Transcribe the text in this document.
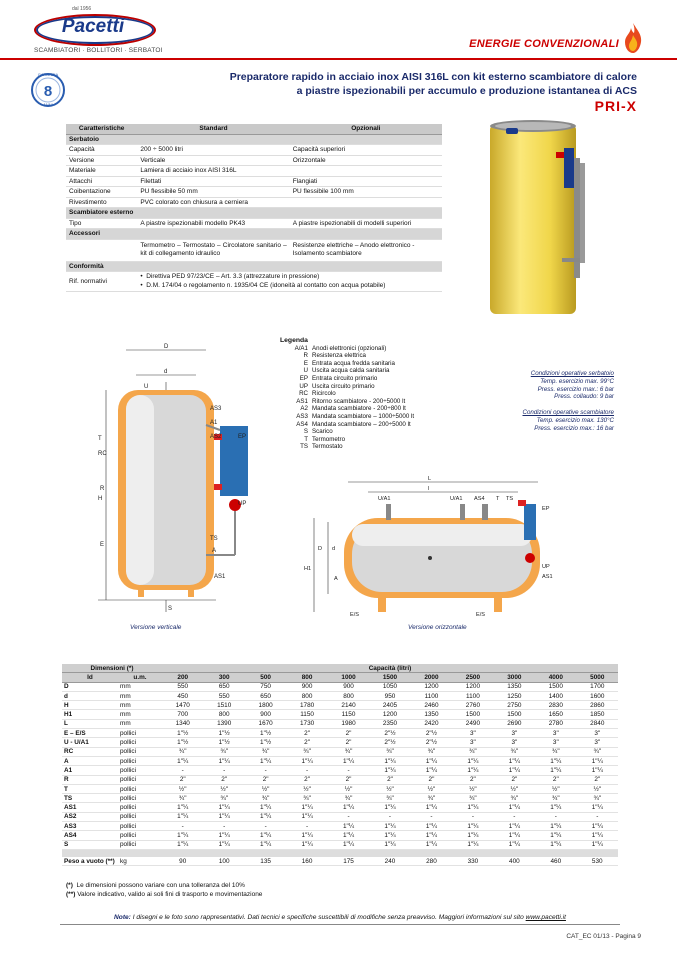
dal 1956
Pacetti
SCAMBIATORI · BOLLITORI · SERBATOI
ENERGIE CONVENZIONALI
GARANZIA
8
ANNI
Preparatore rapido in acciaio inox AISI 316L con kit esterno scambiatore di calore
a piastre ispezionabili per accumulo e produzione istantanea di ACS
PRI-X
Caratteristiche	Standard	Opzionali
Serbatoio		
Capacità	200 ÷ 5000 litri	Capacità superiori
Versione	Verticale	Orizzontale
Materiale	Lamiera di acciaio inox AISI 316L	
Attacchi	Filettati	Flangiati
Coibentazione	PU flessibile 50 mm	PU flessibile 100 mm
Rivestimento	PVC colorato con chiusura a cerniera	
Scambiatore esterno		
Tipo	A piastre ispezionabili modello PK43	A piastre ispezionabili di modelli superiori
Accessori		
	Termometro – Termostato – Circolatore sanitario – kit di collegamento idraulico	Resistenze elettriche – Anodo elettronico - Isolamento scambiatore
Conformità		
Rif. normativi	•  Direttiva PED 97/23/CE – Art. 3.3 (attrezzature in pressione)
•  D.M. 174/04 o regolamento n. 1935/04 CE (idoneità al contatto con acqua potabile)	
D
d
U
T
RC
R
E
AS3
A1
AS2	EP
UP
TS
AS1
A
S
H
Versione verticale
Legenda
A/A1 Anodi elettronici (opzionali)
R Resistenza elettrica
E Entrata acqua fredda sanitaria
U Uscita acqua calda sanitaria
EP Entrata circuito primario
UP Uscita circuito primario
RC Ricircolo
AS1 Ritorno scambiatore - 200÷5000 lt
A2 Mandata scambiatore - 200÷800 lt
AS3 Mandata scambiatore – 1000÷5000 lt
AS4 Mandata scambiatore – 200÷5000 lt
S Scarico
T Termometro
TS Termostato
Condizioni operative serbatoio
Temp. esercizio max. 99°C
Press. esercizio max.: 6 bar
Press. collaudo: 9 bar
Condizioni operative scambiatore
Temp. esercizio max. 130°C
Press. esercizio max.: 16 bar
L
l
U/A1	U/A1 AS4 T TS
EP
UP
AS1
D d
H1
A
E/S	E/S
Versione orizzontale
Dimensioni (*)		Capacità (litri)										
Id	u.m.	200	300	500	800	1000	1500	2000	2500	3000	4000	5000
D	mm	550	650	750	900	900	1050	1200	1200	1350	1500	1700
d	mm	450	550	650	800	800	950	1100	1100	1250	1400	1600
H	mm	1470	1510	1800	1780	2140	2405	2460	2760	2750	2830	2860
H1	mm	700	800	900	1150	1150	1200	1350	1500	1500	1650	1850
L	mm	1340	1390	1670	1730	1980	2350	2420	2490	2690	2780	2840
E – E/S	pollici	1"½	1"½	1"½	2"	2"	2"½	2"½	3"	3"	3"	3"
U - U/A1	pollici	1"½	1"½	1"½	2"	2"	2"½	2"½	3"	3"	3"	3"
RC	pollici	¾"	¾"	¾"	¾"	¾"	¾"	¾"	¾"	¾"	¾"	¾"
A	pollici	1"¼	1"¼	1"¼	1"¼	1"¼	1"¼	1"¼	1"¼	1"¼	1"¼	1"¼
A1	pollici	-	-	-	-	-	1"¼	1"¼	1"¼	1"¼	1"¼	1"¼
R	pollici	2"	2"	2"	2"	2"	2"	2"	2"	2"	2"	2"
T	pollici	½"	½"	½"	½"	½"	½"	½"	½"	½"	½"	½"
TS	pollici	¾"	¾"	¾"	¾"	¾"	¾"	¾"	¾"	¾"	¾"	¾"
AS1	pollici	1"¼	1"¼	1"¼	1"¼	1"¼	1"¼	1"¼	1"¼	1"¼	1"¼	1"¼
AS2	pollici	1"¼	1"¼	1"¼	1"¼	-	-	-	-	-	-	-
AS3	pollici	-	-	-	-	1"¼	1"¼	1"¼	1"¼	1"¼	1"¼	1"¼
AS4	pollici	1"¼	1"¼	1"¼	1"¼	1"¼	1"¼	1"¼	1"¼	1"¼	1"¼	1"¼
S	pollici	1"¼	1"¼	1"¼	1"¼	1"¼	1"¼	1"¼	1"¼	1"¼	1"¼	1"¼

Peso a vuoto (**)	kg	90	100	135	160	175	240	280	330	400	460	530
(*) Le dimensioni possono variare con una tolleranza del 10%
(**) Valore indicativo, valido ai soli fini di trasporto e movimentazione
Note: I disegni e le foto sono rappresentativi. Dati tecnici e specifiche suscettibili di modifiche senza preavviso. Maggiori informazioni sul sito www.pacetti.it
CAT_EC 01/13 - Pagina 9
